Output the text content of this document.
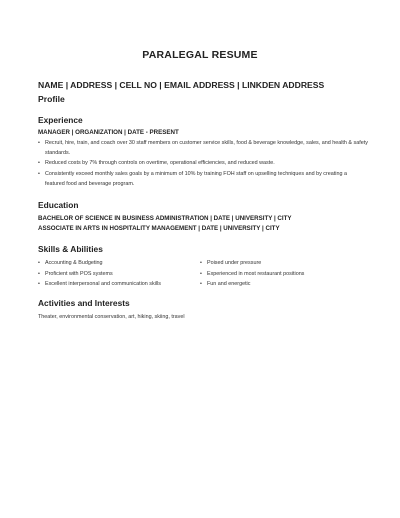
PARALEGAL RESUME
NAME | ADDRESS | CELL NO | EMAIL ADDRESS | LINKDEN ADDRESS
Profile
Experience
MANAGER | ORGANIZATION | DATE - PRESENT
• Recruit, hire, train, and coach over 30 staff members on customer service skills, food & beverage knowledge, sales, and health & safety standards.
• Reduced costs by 7% through controls on overtime, operational efficiencies, and reduced waste.
• Consistently exceed monthly sales goals by a minimum of 10% by training FOH staff on upselling techniques and by creating a featured food and beverage program.
Education
BACHELOR OF SCIENCE IN BUSINESS ADMINISTRATION | DATE | UNIVERSITY | CITY
ASSOCIATE IN ARTS IN HOSPITALITY MANAGEMENT | DATE | UNIVERSITY | CITY
Skills & Abilities
• Accounting & Budgeting
• Proficient with POS systems
• Excellent interpersonal and communication skills
• Poised under pressure
• Experienced in most restaurant positions
• Fun and energetic
Activities and Interests
Theater, environmental conservation, art, hiking, skiing, travel
